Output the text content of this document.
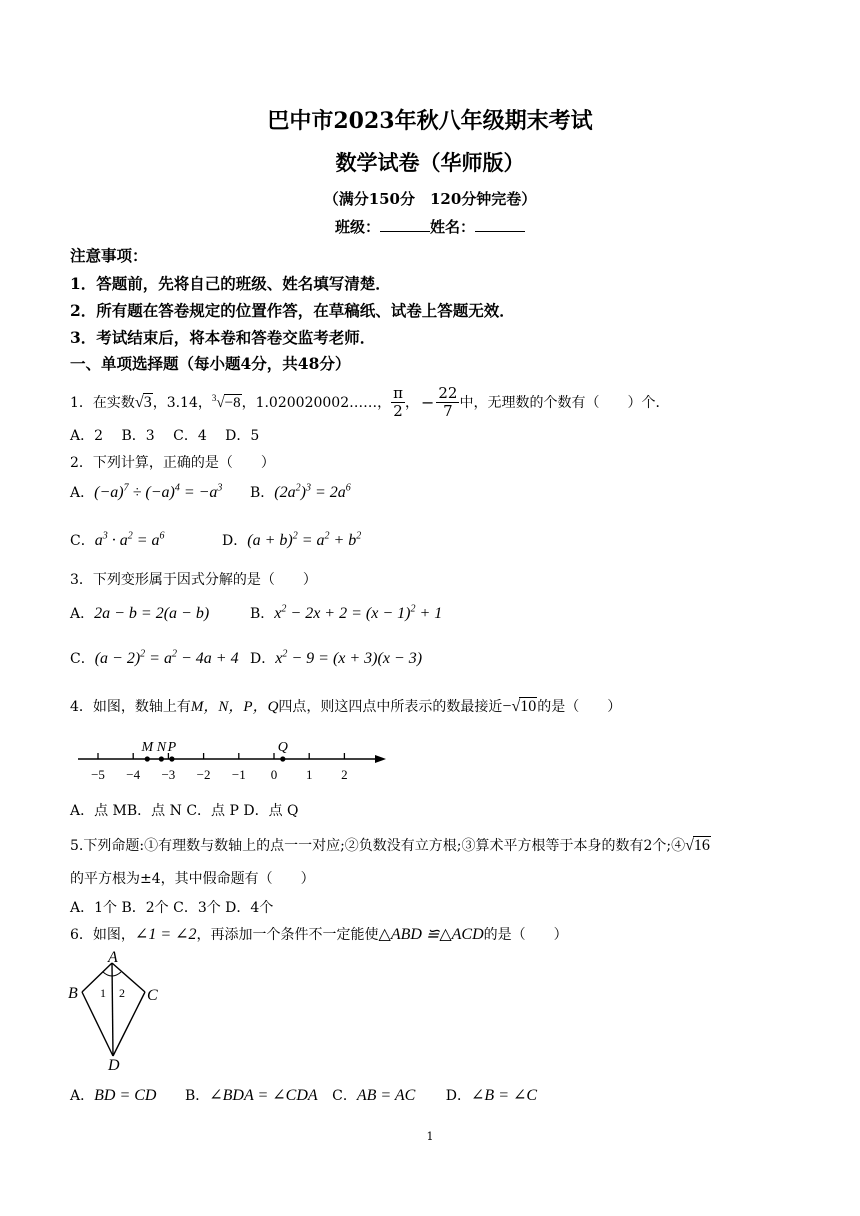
巴中市2023年秋八年级期末考试
数学试卷（华师版）
（满分150分　120分钟完卷）
班级：	姓名：
注意事项：
1．答题前，先将自己的班级、姓名填写清楚．
2．所有题在答卷规定的位置作答，在草稿纸、试卷上答题无效．
3．考试结束后，将本卷和答卷交监考老师．
一、单项选择题（每小题4分，共48分）
1．在实数 √3 ，3.14， $^3$√−8 ，1.020020002……， $\frac{\pi}{2}$ ， − $\frac{22}{7}$ 中，无理数的个数有（　　）个．
A．2　 B．3　 C．4　 D．5
2．下列计算，正确的是（　　）
A．$(-a)^7 \div (-a)^4 = -a^3$ B．$(2a^2)^3 = 2a^6$
C．$a^3 \cdot a^2 = a^6$	D．$(a + b)^2 = a^2 + b^2$
3．下列变形属于因式分解的是（　　）
A．2a − b = 2(a − b)	B．$x^2 - 2x + 2 = (x - 1)^2 + 1$
C．$(a - 2)^2 = a^2 - 4a + 4$ D．$x^2 - 9 = (x + 3)(x - 3)$
4．如图，数轴上有M，N，P，Q四点，则这四点中所表示的数最接近−√10的是（　　）
−5 −4 −3 −2 −1 0 1 2
M N P	Q
A．点 MB．点 N C．点 P D．点 Q
5.下列命题:①有理数与数轴上的点一一对应;②负数没有立方根;③算术平方根等于本身的数有2个;④√16
的平方根为±4，其中假命题有（　　）
A．1个 B．2个 C．3个 D．4个
6．如图，∠1 = ∠2，再添加一个条件不一定能使△ABD ≌△ACD的是（　　）
A
B	C
D
1 2
A．BD = CD B．∠BDA = ∠CDA C．AB = AC D．∠B = ∠C
1
